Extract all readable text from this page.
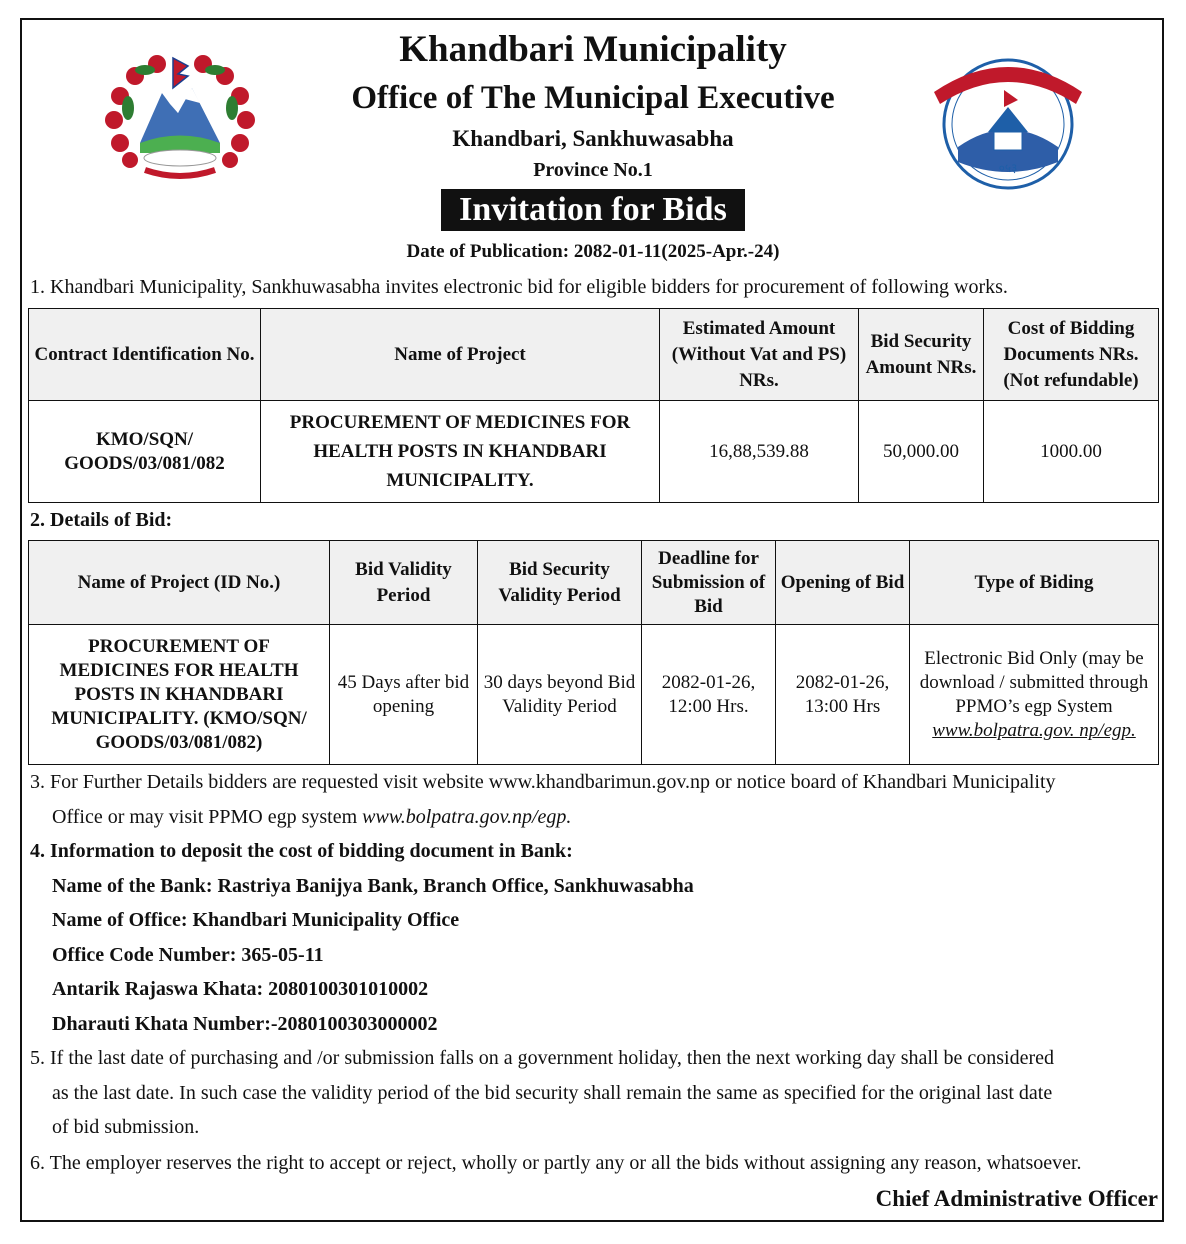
०५३
Khandbari Municipality
Office of The Municipal Executive
Khandbari, Sankhuwasabha
Province No.1
Invitation for Bids
Date of Publication: 2082-01-11(2025-Apr.-24)
1. Khandbari Municipality, Sankhuwasabha invites electronic bid for eligible bidders for procurement of following works.
Contract Identification No.	Name of Project	Estimated Amount (Without Vat and PS) NRs.	Bid Security Amount NRs.	Cost of Bidding Documents NRs. (Not refundable)
KMO/SQN/ GOODS/03/081/082	PROCUREMENT OF MEDICINES FOR HEALTH POSTS IN KHANDBARI MUNICIPALITY.	16,88,539.88	50,000.00	1000.00
2. Details of Bid:
Name of Project (ID No.)	Bid Validity Period	Bid Security Validity Period	Deadline for Submission of Bid	Opening of Bid	Type of Biding
PROCUREMENT OF MEDICINES FOR HEALTH POSTS IN KHANDBARI MUNICIPALITY. (KMO/SQN/ GOODS/03/081/082)	45 Days after bid opening	30 days beyond Bid Validity Period	2082-01-26, 12:00 Hrs.	2082-01-26, 13:00 Hrs	Electronic Bid Only (may be download / submitted through PPMO’s egp System www.bolpatra.gov. np/egp.
3. For Further Details bidders are requested visit website www.khandbarimun.gov.np or notice board of Khandbari Municipality
Office or may visit PPMO egp system www.bolpatra.gov.np/egp.
4. Information to deposit the cost of bidding document in Bank:
Name of the Bank: Rastriya Banijya Bank, Branch Office, Sankhuwasabha
Name of Office: Khandbari Municipality Office
Office Code Number: 365-05-11
Antarik Rajaswa Khata: 2080100301010002
Dharauti Khata Number:-2080100303000002
5. If the last date of purchasing and /or submission falls on a government holiday, then the next working day shall be considered
as the last date. In such case the validity period of the bid security shall remain the same as specified for the original last date
of bid submission.
6. The employer reserves the right to accept or reject, wholly or partly any or all the bids without assigning any reason, whatsoever.
Chief Administrative Officer
